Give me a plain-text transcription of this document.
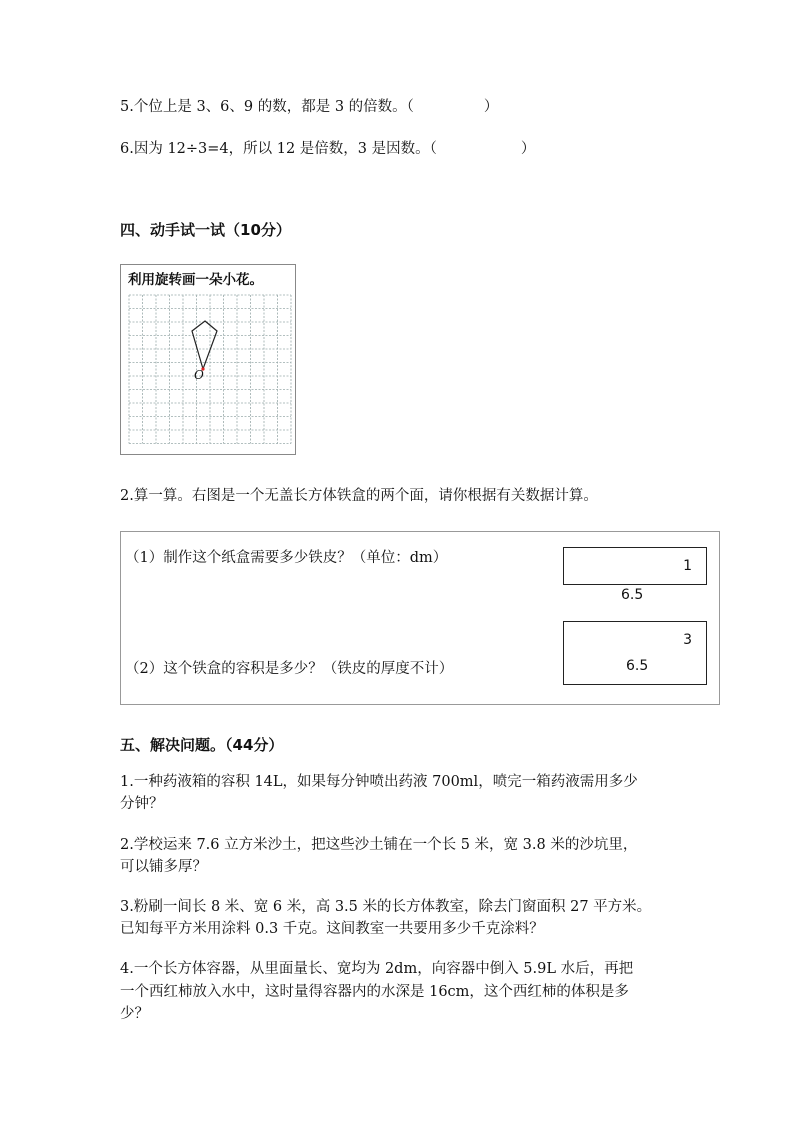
5.个位上是 3、6、9 的数，都是 3 的倍数。（	）
6.因为 12÷3=4，所以 12 是倍数，3 是因数。（	）
四、动手试一试（10分）
利用旋转画一朵小花。
O
2.算一算。右图是一个无盖长方体铁盒的两个面，请你根据有关数据计算。
（1）制作这个纸盒需要多少铁皮？（单位：dm）
（2）这个铁盒的容积是多少？（铁皮的厚度不计）
1
6.5
3
6.5
五、解决问题。（44分）
1.一种药液箱的容积 14L，如果每分钟喷出药液 700ml，喷完一箱药液需用多少
分钟？
2.学校运来 7.6 立方米沙土，把这些沙土铺在一个长 5 米，宽 3.8 米的沙坑里，
可以铺多厚？
3.粉刷一间长 8 米、宽 6 米，高 3.5 米的长方体教室，除去门窗面积 27 平方米。
已知每平方米用涂料 0.3 千克。这间教室一共要用多少千克涂料？
4.一个长方体容器，从里面量长、宽均为 2dm，向容器中倒入 5.9L 水后，再把
一个西红柿放入水中，这时量得容器内的水深是 16cm，这个西红柿的体积是多
少？
